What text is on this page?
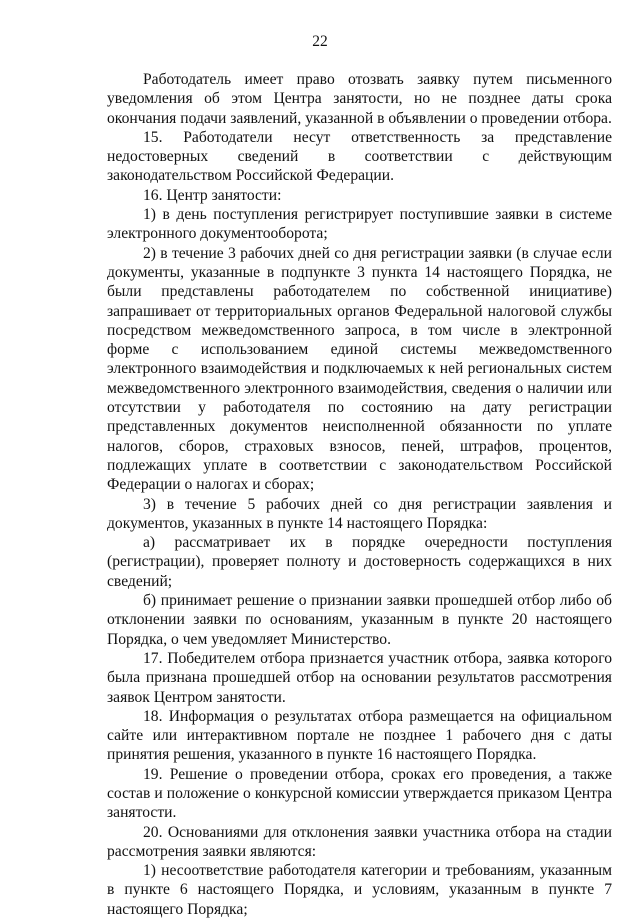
22

Работодатель имеет право отозвать заявку путем письменного уведомления об этом Центра занятости, но не позднее даты срока окончания подачи заявлений, указанной в объявлении о проведении отбора.

15. Работодатели несут ответственность за представление недостоверных сведений в соответствии с действующим законодательством Российской Федерации.

16. Центр занятости:

1) в день поступления регистрирует поступившие заявки в системе электронного документооборота;

2) в течение 3 рабочих дней со дня регистрации заявки (в случае если документы, указанные в подпункте 3 пункта 14 настоящего Порядка, не были представлены работодателем по собственной инициативе) запрашивает от территориальных органов Федеральной налоговой службы посредством межведомственного запроса, в том числе в электронной форме с использованием единой системы межведомственного электронного взаимодействия и подключаемых к ней региональных систем межведомственного электронного взаимодействия, сведения о наличии или отсутствии у работодателя по состоянию на дату регистрации представленных документов неисполненной обязанности по уплате налогов, сборов, страховых взносов, пеней, штрафов, процентов, подлежащих уплате в соответствии с законодательством Российской Федерации о налогах и сборах;

3) в течение 5 рабочих дней со дня регистрации заявления и документов, указанных в пункте 14 настоящего Порядка:

а) рассматривает их в порядке очередности поступления (регистрации), проверяет полноту и достоверность содержащихся в них сведений;

б) принимает решение о признании заявки прошедшей отбор либо об отклонении заявки по основаниям, указанным в пункте 20 настоящего Порядка, о чем уведомляет Министерство.

17. Победителем отбора признается участник отбора, заявка которого была признана прошедшей отбор на основании результатов рассмотрения заявок Центром занятости.

18. Информация о результатах отбора размещается на официальном сайте или интерактивном портале не позднее 1 рабочего дня с даты принятия решения, указанного в пункте 16 настоящего Порядка.

19. Решение о проведении отбора, сроках его проведения, а также состав и положение о конкурсной комиссии утверждается приказом Центра занятости.

20. Основаниями для отклонения заявки участника отбора на стадии рассмотрения заявки являются:

1) несоответствие работодателя категории и требованиям, указанным в пункте 6 настоящего Порядка, и условиям, указанным в пункте 7 настоящего Порядка;
